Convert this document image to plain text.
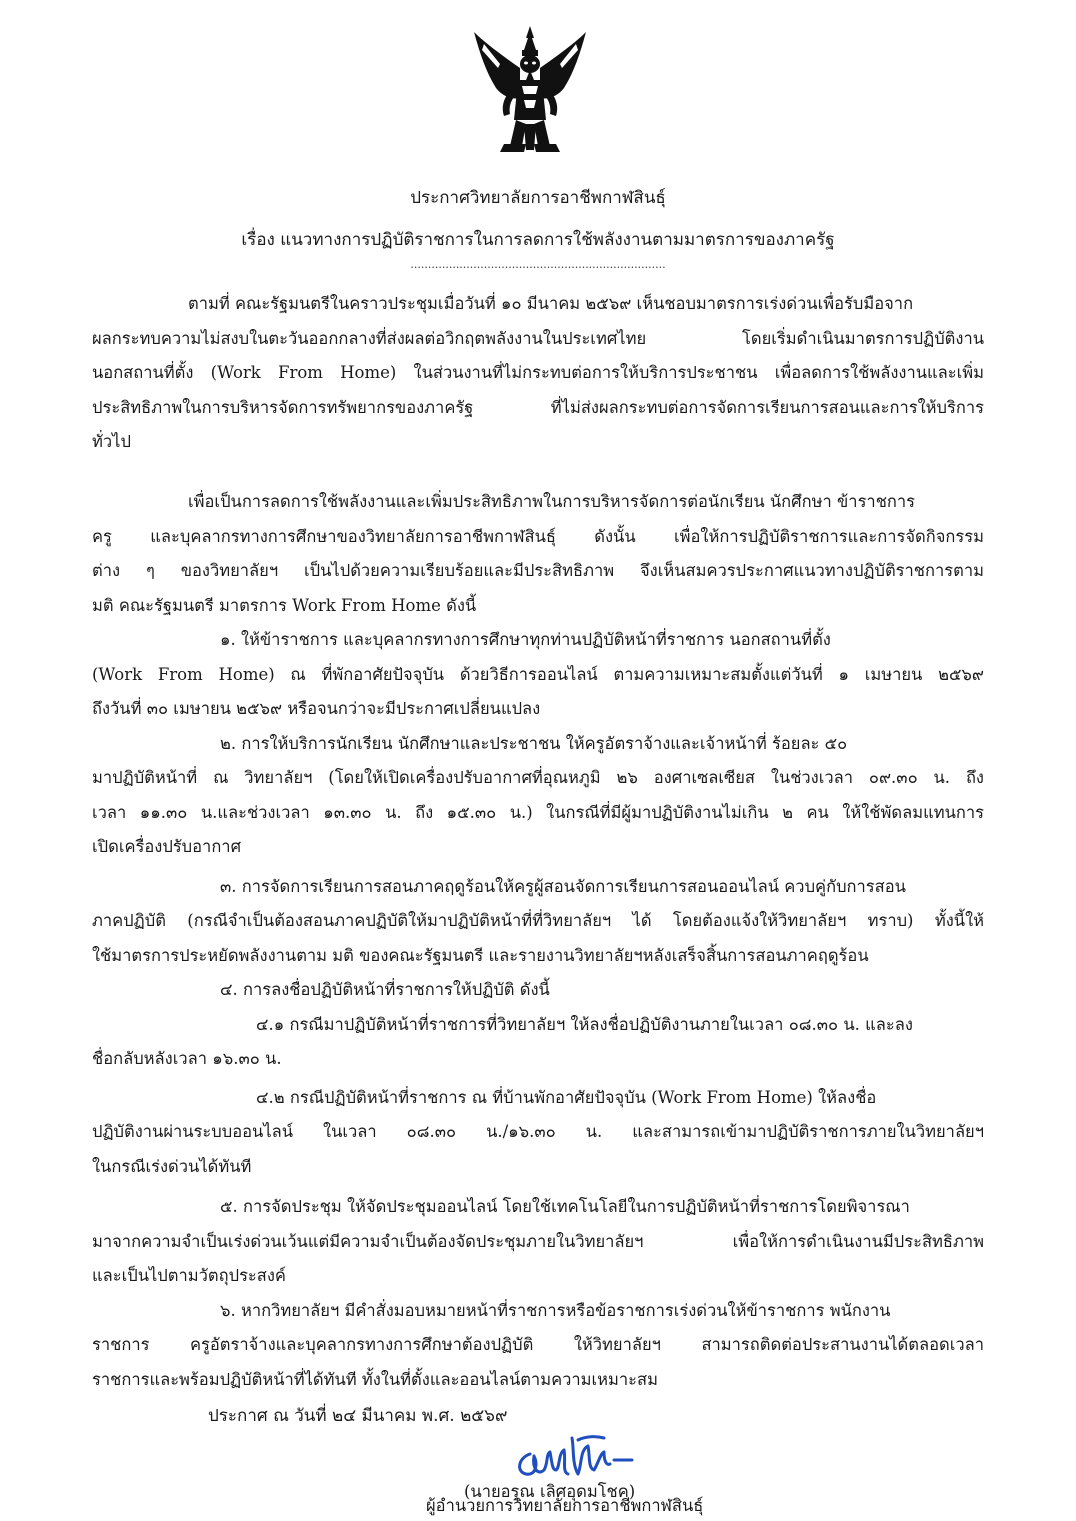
ประกาศวิทยาลัยการอาชีพกาฬสินธุ์
เรื่อง แนวทางการปฏิบัติราชการในการลดการใช้พลังงานตามมาตรการของภาครัฐ
.........................................................................
ตามที่ คณะรัฐมนตรีในคราวประชุมเมื่อวันที่ ๑๐ มีนาคม ๒๕๖๙ เห็นชอบมาตรการเร่งด่วนเพื่อรับมือจาก
ผลกระทบความไม่สงบในตะวันออกกลางที่ส่งผลต่อวิกฤตพลังงานในประเทศไทย โดยเริ่มดำเนินมาตรการปฏิบัติงาน
นอกสถานที่ตั้ง (Work From Home) ในส่วนงานที่ไม่กระทบต่อการให้บริการประชาชน เพื่อลดการใช้พลังงานและเพิ่ม
ประสิทธิภาพในการบริหารจัดการทรัพยากรของภาครัฐ ที่ไม่ส่งผลกระทบต่อการจัดการเรียนการสอนและการให้บริการ
ทั่วไป
เพื่อเป็นการลดการใช้พลังงานและเพิ่มประสิทธิภาพในการบริหารจัดการต่อนักเรียน นักศึกษา ข้าราชการ
ครู และบุคลากรทางการศึกษาของวิทยาลัยการอาชีพกาฬสินธุ์ ดังนั้น เพื่อให้การปฏิบัติราชการและการจัดกิจกรรม
ต่าง ๆ ของวิทยาลัยฯ เป็นไปด้วยความเรียบร้อยและมีประสิทธิภาพ จึงเห็นสมควรประกาศแนวทางปฏิบัติราชการตาม
มติ คณะรัฐมนตรี มาตรการ Work From Home ดังนี้
๑. ให้ข้าราชการ และบุคลากรทางการศึกษาทุกท่านปฏิบัติหน้าที่ราชการ นอกสถานที่ตั้ง
(Work From Home) ณ ที่พักอาศัยปัจจุบัน ด้วยวิธีการออนไลน์ ตามความเหมาะสมตั้งแต่วันที่ ๑ เมษายน ๒๕๖๙
ถึงวันที่ ๓๐ เมษายน ๒๕๖๙ หรือจนกว่าจะมีประกาศเปลี่ยนแปลง
๒. การให้บริการนักเรียน นักศึกษาและประชาชน ให้ครูอัตราจ้างและเจ้าหน้าที่ ร้อยละ ๕๐
มาปฏิบัติหน้าที่ ณ วิทยาลัยฯ (โดยให้เปิดเครื่องปรับอากาศที่อุณหภูมิ ๒๖ องศาเซลเซียส ในช่วงเวลา ๐๙.๓๐ น. ถึง
เวลา ๑๑.๓๐ น.และช่วงเวลา ๑๓.๓๐ น. ถึง ๑๕.๓๐ น.) ในกรณีที่มีผู้มาปฏิบัติงานไม่เกิน ๒ คน ให้ใช้พัดลมแทนการ
เปิดเครื่องปรับอากาศ
๓. การจัดการเรียนการสอนภาคฤดูร้อนให้ครูผู้สอนจัดการเรียนการสอนออนไลน์ ควบคู่กับการสอน
ภาคปฏิบัติ (กรณีจำเป็นต้องสอนภาคปฏิบัติให้มาปฏิบัติหน้าที่ที่วิทยาลัยฯ ได้ โดยต้องแจ้งให้วิทยาลัยฯ ทราบ) ทั้งนี้ให้
ใช้มาตรการประหยัดพลังงานตาม มติ ของคณะรัฐมนตรี และรายงานวิทยาลัยฯหลังเสร็จสิ้นการสอนภาคฤดูร้อน
๔. การลงชื่อปฏิบัติหน้าที่ราชการให้ปฏิบัติ ดังนี้
๔.๑ กรณีมาปฏิบัติหน้าที่ราชการที่วิทยาลัยฯ ให้ลงชื่อปฏิบัติงานภายในเวลา ๐๘.๓๐ น. และลง
ชื่อกลับหลังเวลา ๑๖.๓๐ น.
๔.๒ กรณีปฏิบัติหน้าที่ราชการ ณ ที่บ้านพักอาศัยปัจจุบัน (Work From Home) ให้ลงชื่อ
ปฏิบัติงานผ่านระบบออนไลน์ ในเวลา ๐๘.๓๐ น./๑๖.๓๐ น. และสามารถเข้ามาปฏิบัติราชการภายในวิทยาลัยฯ
ในกรณีเร่งด่วนได้ทันที
๕. การจัดประชุม ให้จัดประชุมออนไลน์ โดยใช้เทคโนโลยีในการปฏิบัติหน้าที่ราชการโดยพิจารณา
มาจากความจำเป็นเร่งด่วนเว้นแต่มีความจำเป็นต้องจัดประชุมภายในวิทยาลัยฯ เพื่อให้การดำเนินงานมีประสิทธิภาพ
และเป็นไปตามวัตถุประสงค์
๖. หากวิทยาลัยฯ มีคำสั่งมอบหมายหน้าที่ราชการหรือข้อราชการเร่งด่วนให้ข้าราชการ พนักงาน
ราชการ ครูอัตราจ้างและบุคลากรทางการศึกษาต้องปฏิบัติ ให้วิทยาลัยฯ สามารถติดต่อประสานงานได้ตลอดเวลา
ราชการและพร้อมปฏิบัติหน้าที่ได้ทันที ทั้งในที่ตั้งและออนไลน์ตามความเหมาะสม
ประกาศ ณ วันที่ ๒๔ มีนาคม พ.ศ. ๒๕๖๙
(นายอรุณ เลิศอุดมโชค)
ผู้อำนวยการวิทยาลัยการอาชีพกาฬสินธุ์
